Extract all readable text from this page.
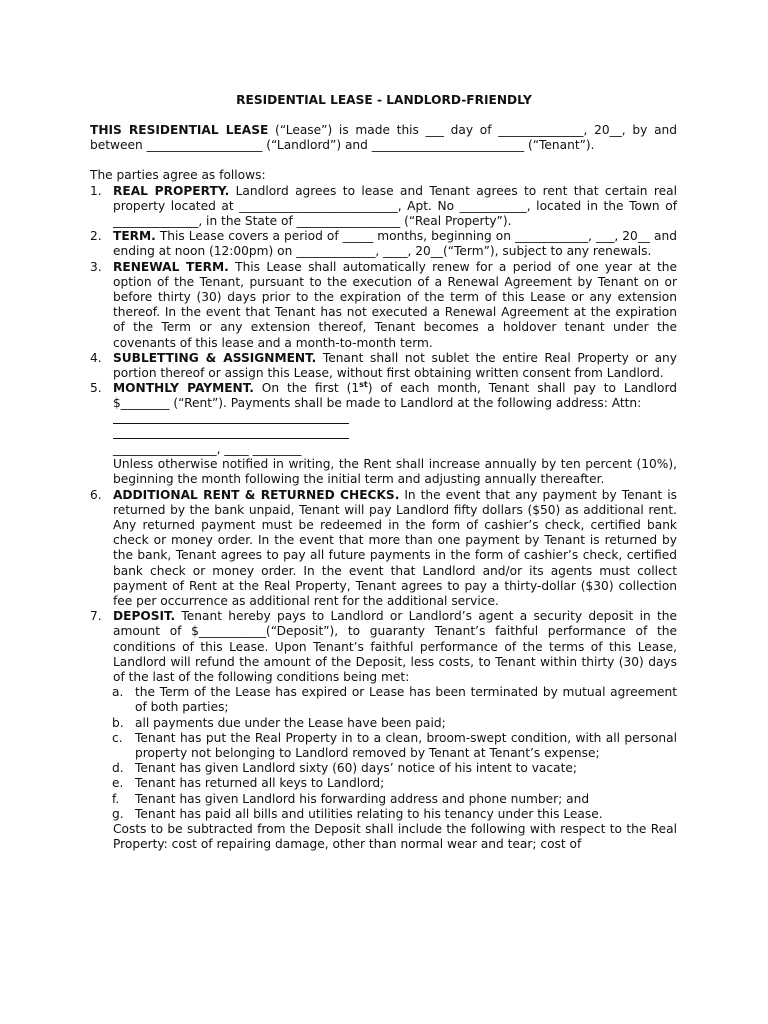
RESIDENTIAL LEASE - LANDLORD-FRIENDLY

THIS RESIDENTIAL LEASE (“Lease”) is made this ___ day of ______________, 20__, by and between ___________________ (“Landlord”) and _________________________ (“Tenant”).

The parties agree as follows:

1. REAL PROPERTY. Landlord agrees to lease and Tenant agrees to rent that certain real property located at __________________________, Apt. No ___________, located in the Town of ______________, in the State of _________________ (“Real Property”).
2. TERM. This Lease covers a period of _____ months, beginning on ____________, ___, 20__ and ending at noon (12:00pm) on _____________, ____, 20__(“Term”), subject to any renewals.
3. RENEWAL TERM. This Lease shall automatically renew for a period of one year at the option of the Tenant, pursuant to the execution of a Renewal Agreement by Tenant on or before thirty (30) days prior to the expiration of the term of this Lease or any extension thereof. In the event that Tenant has not executed a Renewal Agreement at the expiration of the Term or any extension thereof, Tenant becomes a holdover tenant under the covenants of this lease and a month-to-month term.
4. SUBLETTING & ASSIGNMENT. Tenant shall not sublet the entire Real Property or any portion thereof or assign this Lease, without first obtaining written consent from Landlord.
5. MONTHLY PAYMENT. On the first (1st) of each month, Tenant shall pay to Landlord $________ (“Rent”). Payments shall be made to Landlord at the following address: Attn:
_________________, ____ ________

Unless otherwise notified in writing, the Rent shall increase annually by ten percent (10%), beginning the month following the initial term and adjusting annually thereafter.

6. ADDITIONAL RENT & RETURNED CHECKS. In the event that any payment by Tenant is returned by the bank unpaid, Tenant will pay Landlord fifty dollars ($50) as additional rent. Any returned payment must be redeemed in the form of cashier’s check, certified bank check or money order. In the event that more than one payment by Tenant is returned by the bank, Tenant agrees to pay all future payments in the form of cashier’s check, certified bank check or money order. In the event that Landlord and/or its agents must collect payment of Rent at the Real Property, Tenant agrees to pay a thirty-dollar ($30) collection fee per occurrence as additional rent for the additional service.
7. DEPOSIT. Tenant hereby pays to Landlord or Landlord’s agent a security deposit in the amount of $___________(“Deposit”), to guaranty Tenant’s faithful performance of the conditions of this Lease. Upon Tenant’s faithful performance of the terms of this Lease, Landlord will refund the amount of the Deposit, less costs, to Tenant within thirty (30) days of the last of the following conditions being met:
a. the Term of the Lease has expired or Lease has been terminated by mutual agreement of both parties;
b. all payments due under the Lease have been paid;
c. Tenant has put the Real Property in to a clean, broom-swept condition, with all personal property not belonging to Landlord removed by Tenant at Tenant’s expense;
d. Tenant has given Landlord sixty (60) days’ notice of his intent to vacate;
e. Tenant has returned all keys to Landlord;
f. Tenant has given Landlord his forwarding address and phone number; and
g. Tenant has paid all bills and utilities relating to his tenancy under this Lease.
Costs to be subtracted from the Deposit shall include the following with respect to the Real Property: cost of repairing damage, other than normal wear and tear; cost of
